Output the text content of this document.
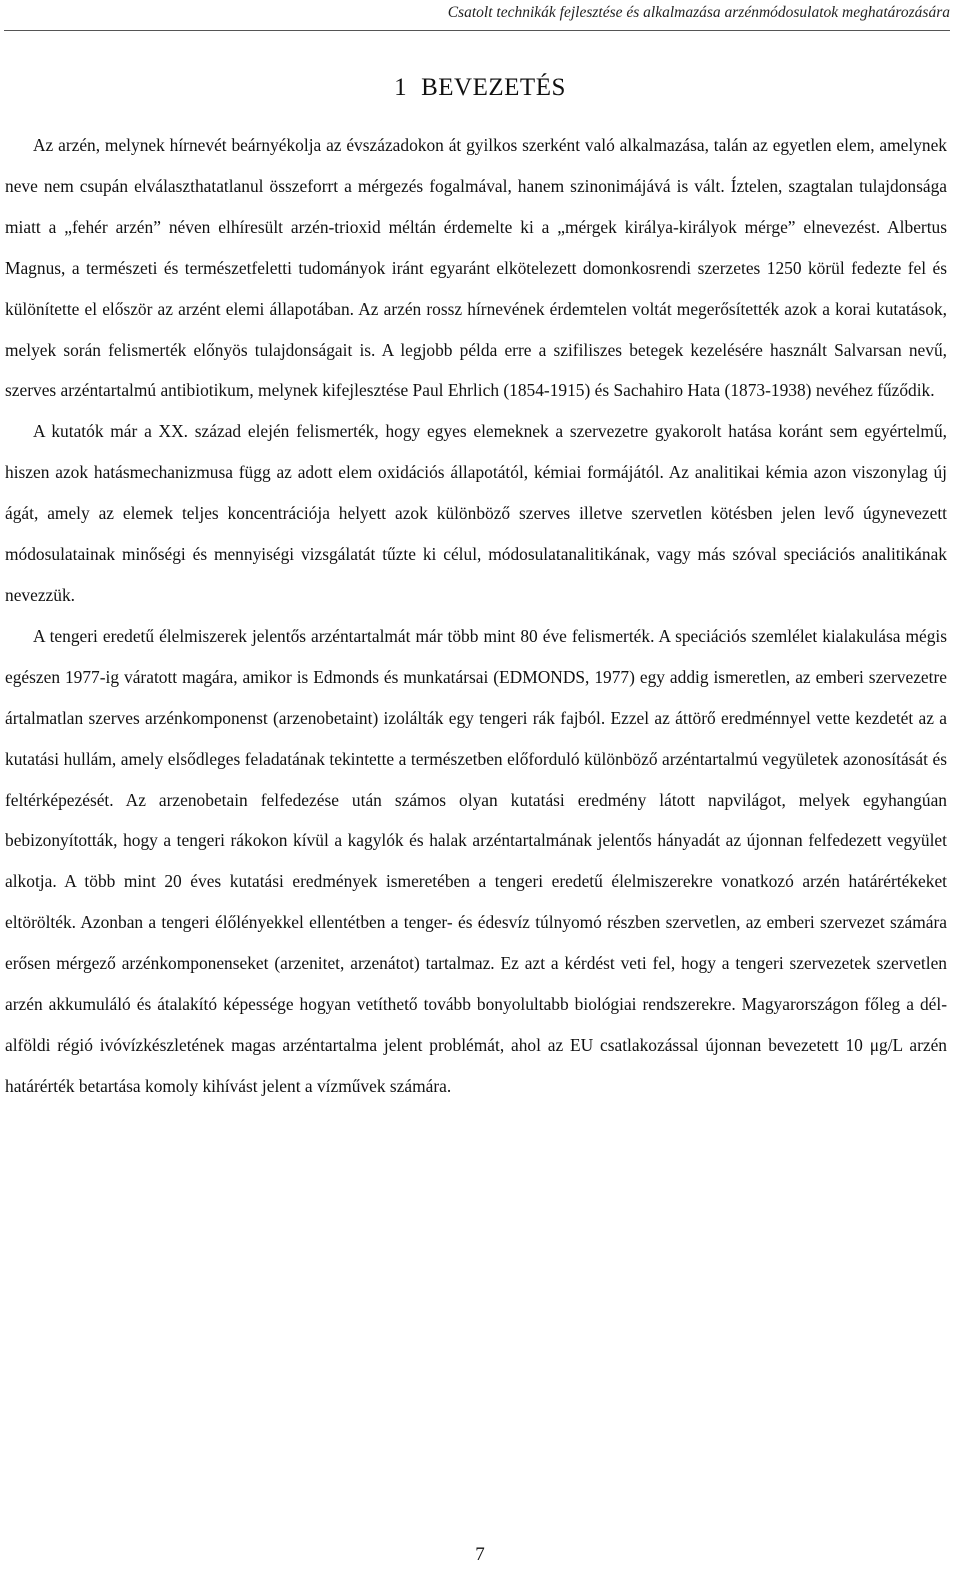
Csatolt technikák fejlesztése és alkalmazása arzénmódosulatok meghatározására
1 BEVEZETÉS

Az arzén, melynek hírnevét beárnyékolja az évszázadokon át gyilkos szerként való alkalmazása, talán az egyetlen elem, amelynek neve nem csupán elválaszthatatlanul összeforrt a mérgezés fogalmával, hanem szinonimájává is vált. Íztelen, szagtalan tulajdonsága miatt a „fehér arzén” néven elhíresült arzén-trioxid méltán érdemelte ki a „mérgek királya-királyok mérge” elnevezést. Albertus Magnus, a természeti és természetfeletti tudományok iránt egyaránt elkötelezett domonkosrendi szerzetes 1250 körül fedezte fel és különítette el először az arzént elemi állapotában. Az arzén rossz hírnevének érdemtelen voltát megerősítették azok a korai kutatások, melyek során felismerték előnyös tulajdonságait is. A legjobb példa erre a szifiliszes betegek kezelésére használt Salvarsan nevű, szerves arzéntartalmú antibiotikum, melynek kifejlesztése Paul Ehrlich (1854-1915) és Sachahiro Hata (1873-1938) nevéhez fűződik.

A kutatók már a XX. század elején felismerték, hogy egyes elemeknek a szervezetre gyakorolt hatása koránt sem egyértelmű, hiszen azok hatásmechanizmusa függ az adott elem oxidációs állapotától, kémiai formájától. Az analitikai kémia azon viszonylag új ágát, amely az elemek teljes koncentrációja helyett azok különböző szerves illetve szervetlen kötésben jelen levő úgynevezett módosulatainak minőségi és mennyiségi vizsgálatát tűzte ki célul, módosulatanalitikának, vagy más szóval speciációs analitikának nevezzük.

A tengeri eredetű élelmiszerek jelentős arzéntartalmát már több mint 80 éve felismerték. A speciációs szemlélet kialakulása mégis egészen 1977-ig váratott magára, amikor is Edmonds és munkatársai (EDMONDS, 1977) egy addig ismeretlen, az emberi szervezetre ártalmatlan szerves arzénkomponenst (arzenobetaint) izolálták egy tengeri rák fajból. Ezzel az áttörő eredménnyel vette kezdetét az a kutatási hullám, amely elsődleges feladatának tekintette a természetben előforduló különböző arzéntartalmú vegyületek azonosítását és feltérképezését. Az arzenobetain felfedezése után számos olyan kutatási eredmény látott napvilágot, melyek egyhangúan bebizonyították, hogy a tengeri rákokon kívül a kagylók és halak arzéntartalmának jelentős hányadát az újonnan felfedezett vegyület alkotja. A több mint 20 éves kutatási eredmények ismeretében a tengeri eredetű élelmiszerekre vonatkozó arzén határértékeket eltörölték. Azonban a tengeri élőlényekkel ellentétben a tenger- és édesvíz túlnyomó részben szervetlen, az emberi szervezet számára erősen mérgező arzénkomponenseket (arzenitet, arzenátot) tartalmaz. Ez azt a kérdést veti fel, hogy a tengeri szervezetek szervetlen arzén akkumuláló és átalakító képessége hogyan vetíthető tovább bonyolultabb biológiai rendszerekre. Magyarországon főleg a dél-alföldi régió ivóvízkészletének magas arzéntartalma jelent problémát, ahol az EU csatlakozással újonnan bevezetett 10 μg/L arzén határérték betartása komoly kihívást jelent a vízművek számára.

7
